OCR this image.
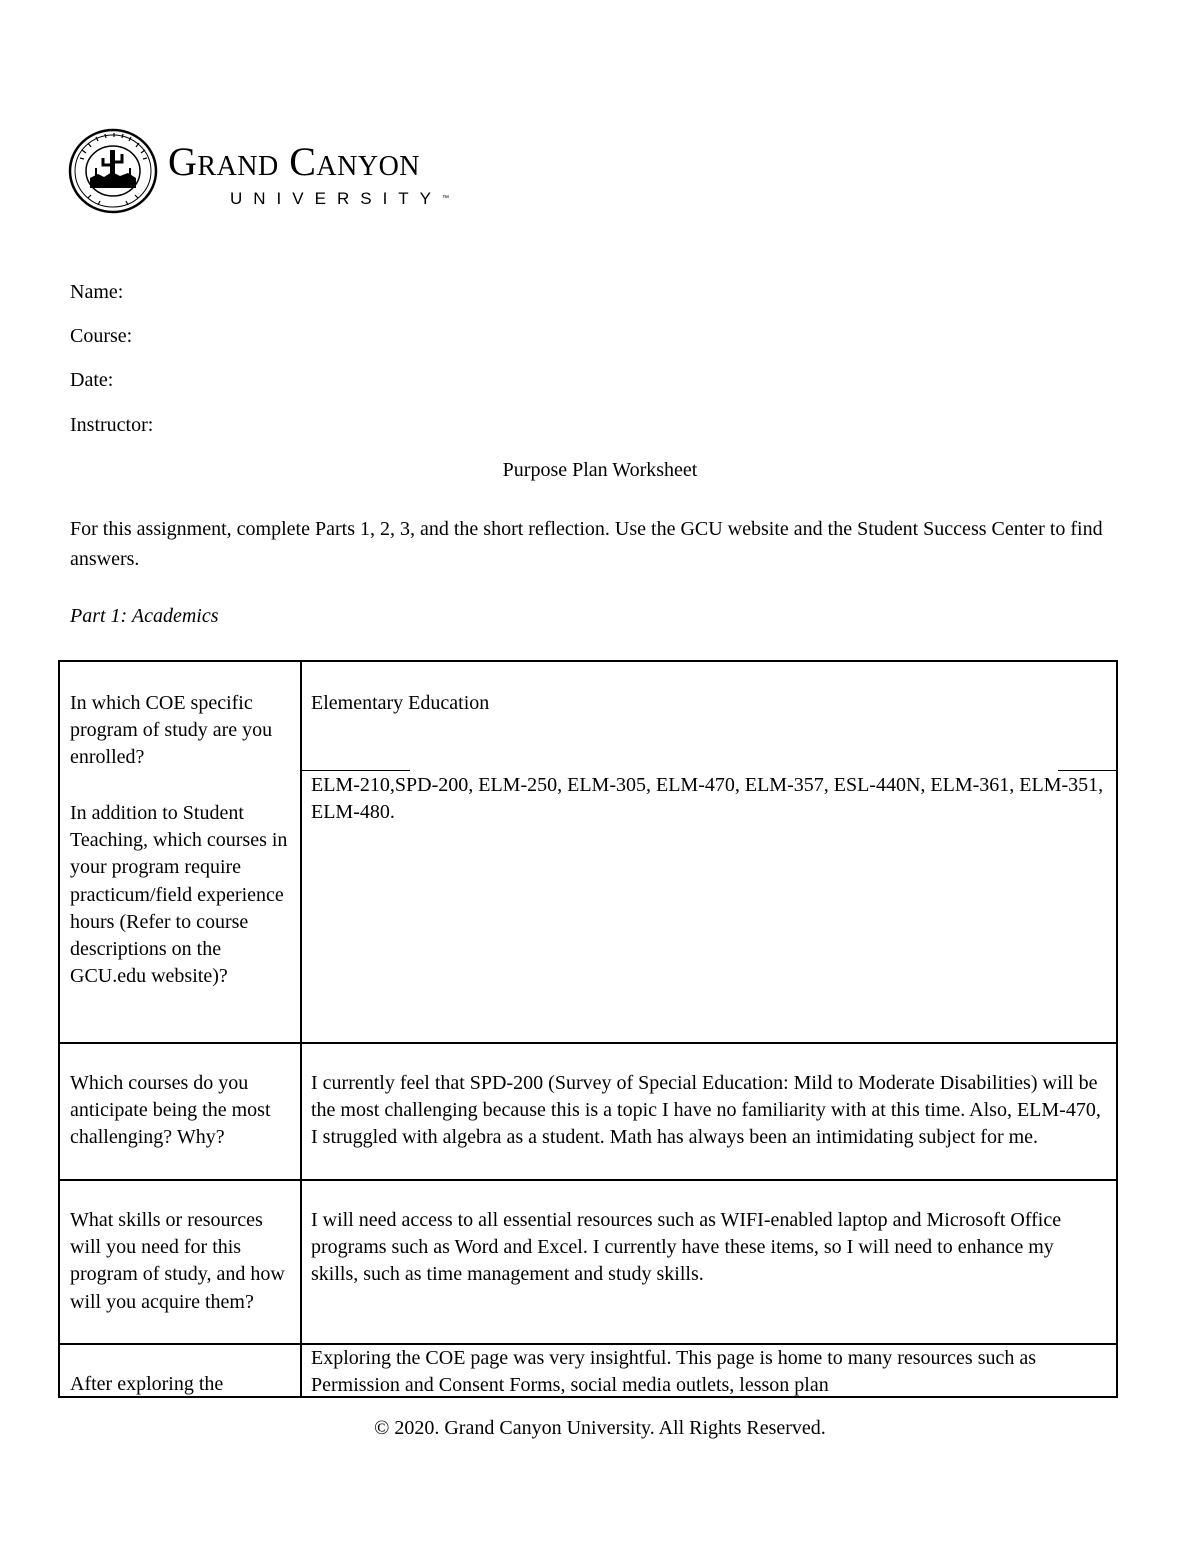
Grand Canyon
UNIVERSITY™
Name:
Course:
Date:
Instructor:
Purpose Plan Worksheet
For this assignment, complete Parts 1, 2, 3, and the short reflection. Use the GCU website and the Student Success Center to find answers.
Part 1: Academics
In which COE specific program of study are you enrolled?
Elementary Education
In addition to Student Teaching, which courses in your program require practicum/field experience hours (Refer to course descriptions on the GCU.edu website)?
ELM-210,SPD-200, ELM-250, ELM-305, ELM-470, ELM-357, ESL-440N, ELM-361, ELM-351, ELM-480.
Which courses do you anticipate being the most challenging? Why?
I currently feel that SPD-200 (Survey of Special Education: Mild to Moderate Disabilities) will be the most challenging because this is a topic I have no familiarity with at this time. Also, ELM-470, I struggled with algebra as a student. Math has always been an intimidating subject for me.
What skills or resources will you need for this program of study, and how will you acquire them?
I will need access to all essential resources such as WIFI-enabled laptop and Microsoft Office programs such as Word and Excel. I currently have these items, so I will need to enhance my skills, such as time management and study skills.
After exploring the
Exploring the COE page was very insightful. This page is home to many resources such as Permission and Consent Forms, social media outlets, lesson plan
© 2020. Grand Canyon University. All Rights Reserved.
